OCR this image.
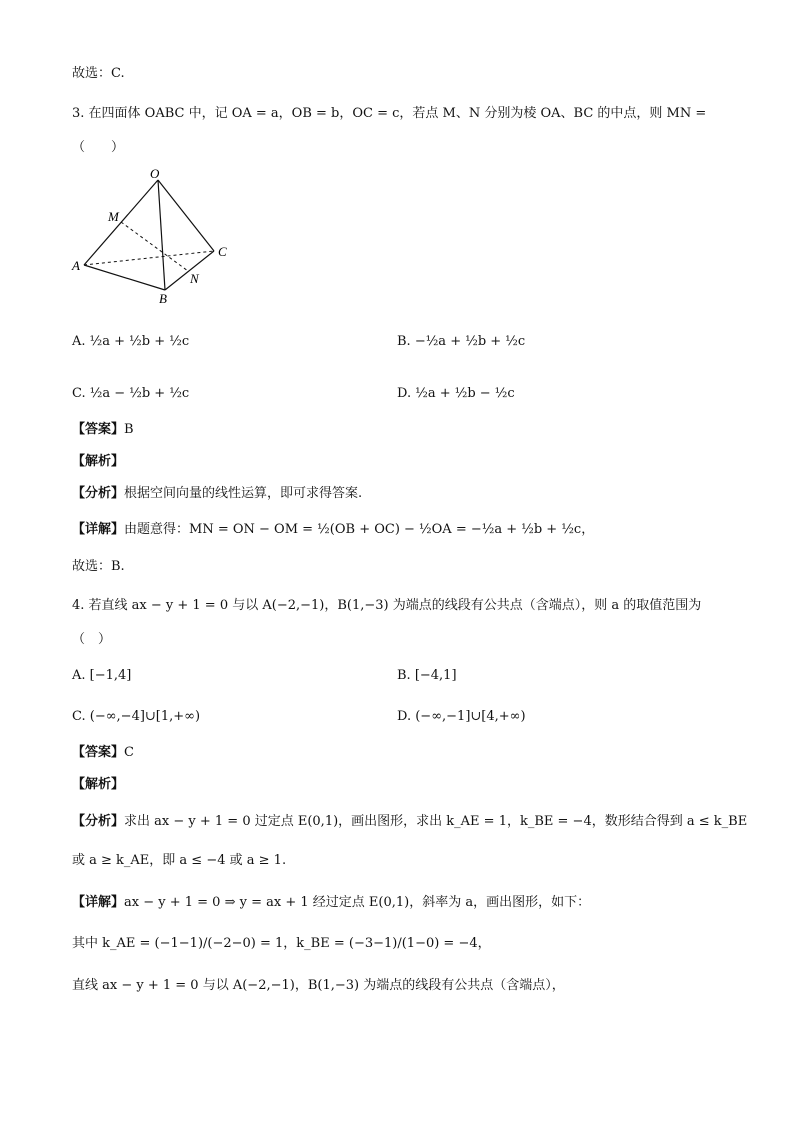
故选：C.
3. 在四面体 OABC 中，记 OA = a，OB = b，OC = c，若点 M、N 分别为棱 OA、BC 的中点，则 MN =
（　　）
O
M
A
C
N
B
A. ½a + ½b + ½c	B. −½a + ½b + ½c
C. ½a − ½b + ½c	D. ½a + ½b − ½c
【答案】B
【解析】
【分析】根据空间向量的线性运算，即可求得答案.
【详解】由题意得：MN = ON − OM = ½(OB + OC) − ½OA = −½a + ½b + ½c，
故选：B.
4. 若直线 ax − y + 1 = 0 与以 A(−2,−1)，B(1,−3) 为端点的线段有公共点（含端点），则 a 的取值范围为
（　）
A. [−1,4]	B. [−4,1]
C. (−∞,−4]∪[1,+∞)	D. (−∞,−1]∪[4,+∞)
【答案】C
【解析】
【分析】求出 ax − y + 1 = 0 过定点 E(0,1)，画出图形，求出 k_AE = 1，k_BE = −4，数形结合得到 a ≤ k_BE
或 a ≥ k_AE，即 a ≤ −4 或 a ≥ 1.
【详解】ax − y + 1 = 0 ⇒ y = ax + 1 经过定点 E(0,1)，斜率为 a，画出图形，如下：
其中 k_AE = (−1−1)/(−2−0) = 1，k_BE = (−3−1)/(1−0) = −4，
直线 ax − y + 1 = 0 与以 A(−2,−1)，B(1,−3) 为端点的线段有公共点（含端点），
